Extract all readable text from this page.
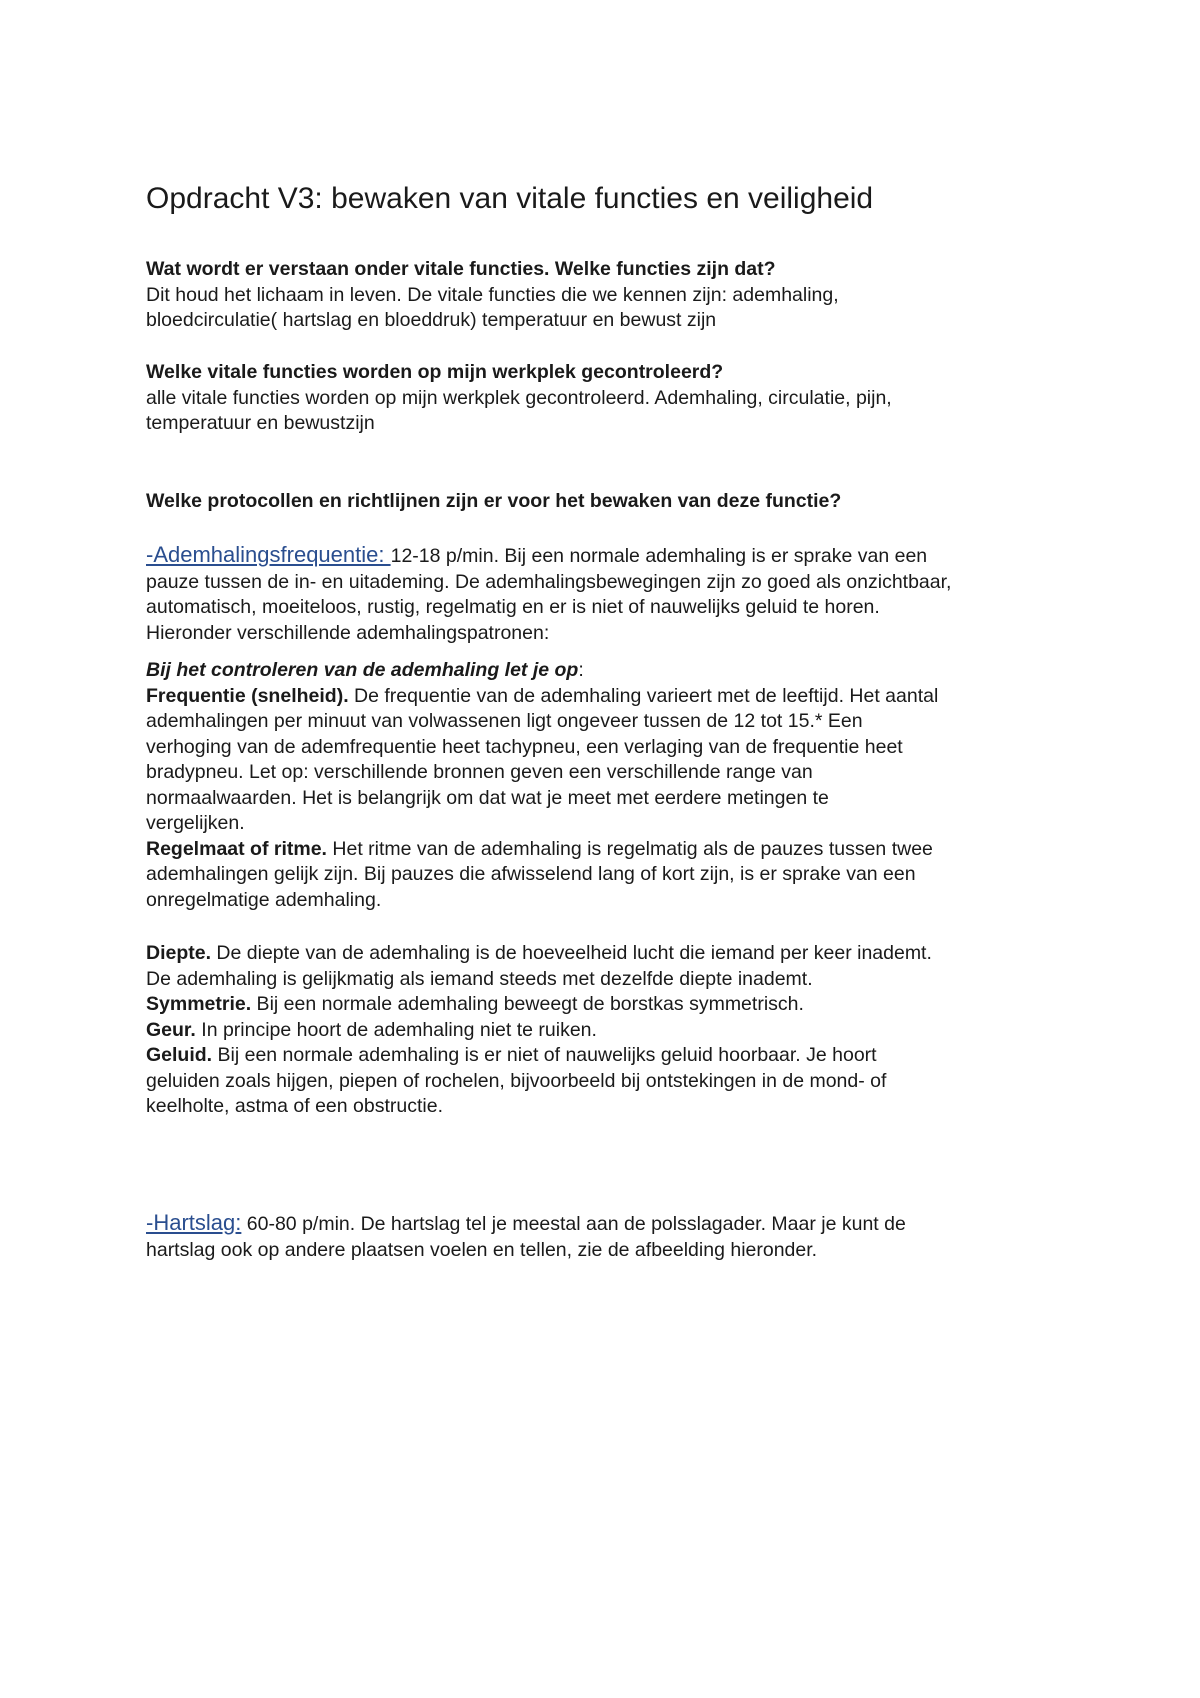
Opdracht V3: bewaken van vitale functies en veiligheid

Wat wordt er verstaan onder vitale functies. Welke functies zijn dat?

Dit houd het lichaam in leven. De vitale functies die we kennen zijn: ademhaling,
bloedcirculatie( hartslag en bloeddruk) temperatuur en bewust zijn

Welke vitale functies worden op mijn werkplek gecontroleerd?

alle vitale functies worden op mijn werkplek gecontroleerd. Ademhaling, circulatie, pijn,
temperatuur en bewustzijn

Welke protocollen en richtlijnen zijn er voor het bewaken van deze functie?

-Ademhalingsfrequentie: 12-18 p/min. Bij een normale ademhaling is er sprake van een
pauze tussen de in- en uitademing. De ademhalingsbewegingen zijn zo goed als onzichtbaar,
automatisch, moeiteloos, rustig, regelmatig en er is niet of nauwelijks geluid te horen.
Hieronder verschillende ademhalingspatronen:
Bij het controleren van de ademhaling let je op:
Frequentie (snelheid). De frequentie van de ademhaling varieert met de leeftijd. Het aantal
ademhalingen per minuut van volwassenen ligt ongeveer tussen de 12 tot 15.* Een
verhoging van de ademfrequentie heet tachypneu, een verlaging van de frequentie heet
bradypneu. Let op: verschillende bronnen geven een verschillende range van
normaalwaarden. Het is belangrijk om dat wat je meet met eerdere metingen te
vergelijken.
Regelmaat of ritme. Het ritme van de ademhaling is regelmatig als de pauzes tussen twee
ademhalingen gelijk zijn. Bij pauzes die afwisselend lang of kort zijn, is er sprake van een
onregelmatige ademhaling.
Diepte. De diepte van de ademhaling is de hoeveelheid lucht die iemand per keer inademt.
De ademhaling is gelijkmatig als iemand steeds met dezelfde diepte inademt.
Symmetrie. Bij een normale ademhaling beweegt de borstkas symmetrisch.
Geur. In principe hoort de ademhaling niet te ruiken.
Geluid. Bij een normale ademhaling is er niet of nauwelijks geluid hoorbaar. Je hoort
geluiden zoals hijgen, piepen of rochelen, bijvoorbeeld bij ontstekingen in de mond- of
keelholte, astma of een obstructie.
-Hartslag: 60-80 p/min. De hartslag tel je meestal aan de polsslagader. Maar je kunt de
hartslag ook op andere plaatsen voelen en tellen, zie de afbeelding hieronder.
